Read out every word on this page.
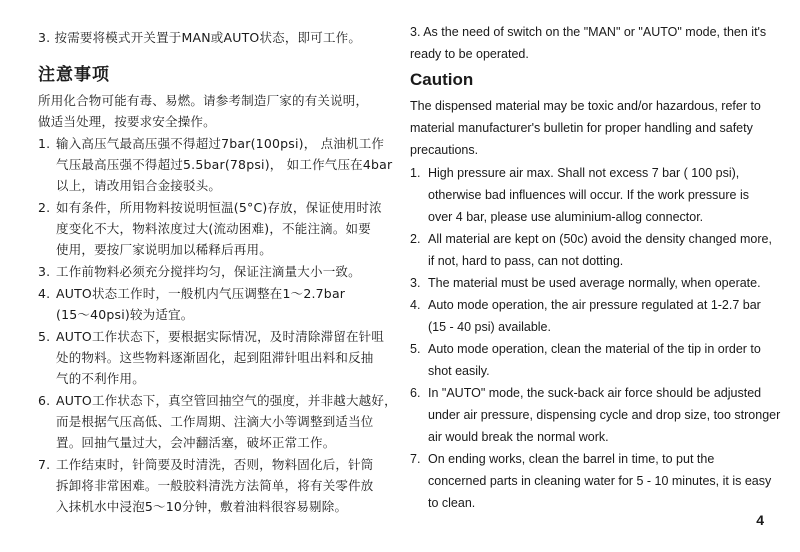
3. 按需要将模式开关置于MAN或AUTO状态，即可工作。
注意事项
所用化合物可能有毒、易燃。请参考制造厂家的有关说明，
做适当处理，按要求安全操作。
1. 输入高压气最高压强不得超过7bar(100psi)， 点油机工作
气压最高压强不得超过5.5bar(78psi)， 如工作气压在4bar
以上，请改用铝合金接驳头。
2. 如有条件，所用物料按说明恒温(5°C)存放，保证使用时浓
度变化不大，物料浓度过大(流动困难)，不能注滴。如要
使用，要按厂家说明加以稀释后再用。
3. 工作前物料必须充分搅拌均匀，保证注滴量大小一致。
4. AUTO状态工作时，一般机内气压调整在1～2.7bar
(15～40psi)较为适宜。
5. AUTO工作状态下，要根据实际情况，及时清除滞留在针咀
处的物料。这些物料逐渐固化，起到阻滞针咀出料和反抽
气的不利作用。
6. AUTO工作状态下，真空管回抽空气的强度，并非越大越好，
而是根据气压高低、工作周期、注滴大小等调整到适当位
置。回抽气量过大，会冲翻活塞，破坏正常工作。
7. 工作结束时，针筒要及时清洗，否则，物料固化后，针筒
拆卸将非常困难。一般胶料清洗方法简单，将有关零件放
入抹机水中浸泡5～10分钟，敷着油料很容易剔除。
3. As the need of switch on the "MAN" or "AUTO" mode, then it's
ready to be operated.
Caution
The dispensed material may be toxic and/or hazardous, refer to
material manufacturer's bulletin for proper handling and safety
precautions.
1. High pressure air max. Shall not excess 7 bar ( 100 psi),
otherwise bad influences will occur. If the work pressure is
over 4 bar, please use aluminium-allog connector.
2. All material are kept on (50c) avoid the density changed more,
if not, hard to pass, can not dotting.
3. The material must be used average normally, when operate.
4. Auto mode operation, the air pressure regulated at 1-2.7 bar
(15 - 40 psi) available.
5. Auto mode operation, clean the material of the tip in order to
shot easily.
6. In "AUTO" mode, the suck-back air force should be adjusted
under air pressure, dispensing cycle and drop size, too stronger
air would break the normal work.
7. On ending works, clean the barrel in time, to put the
concerned parts in cleaning water for 5 - 10 minutes, it is easy
to clean.
4
